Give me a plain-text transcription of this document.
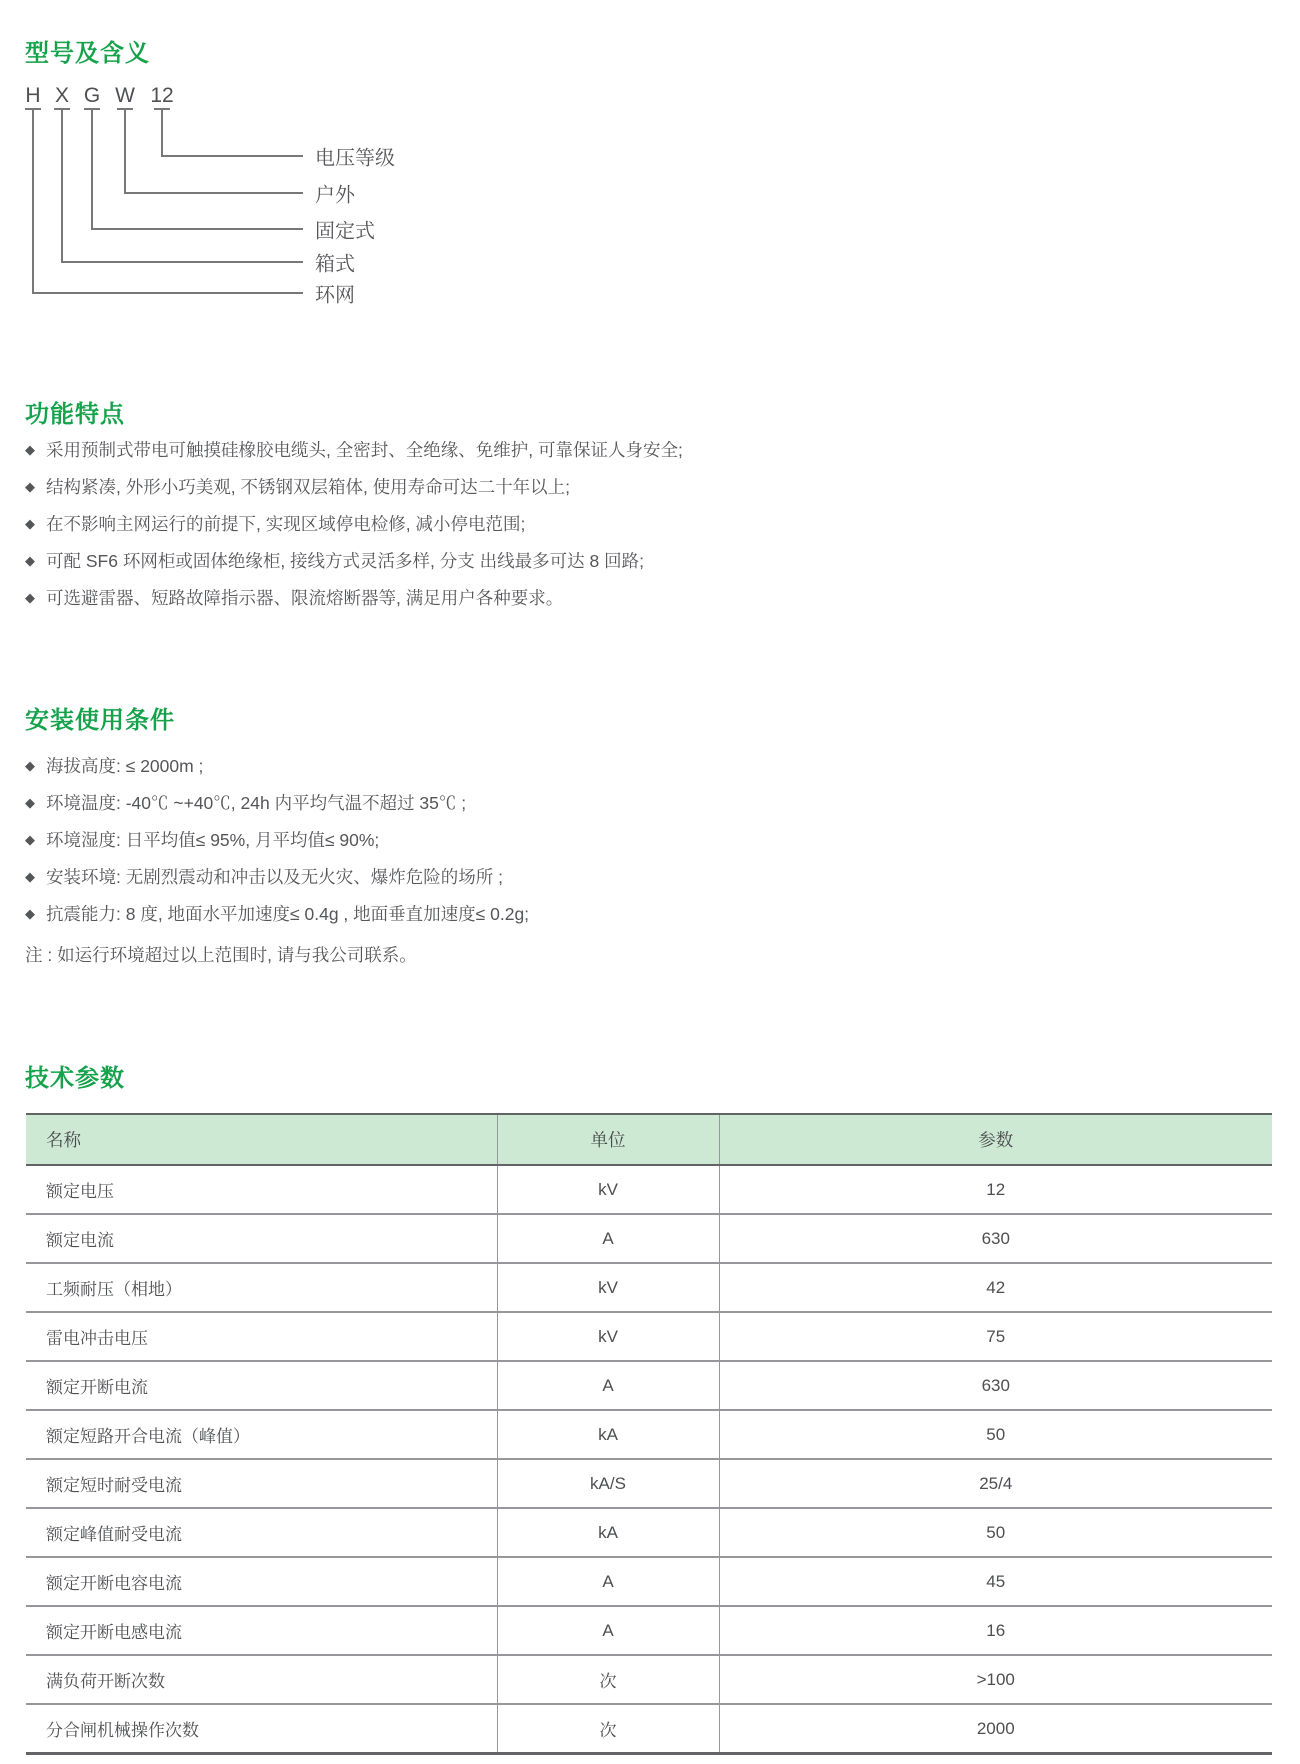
型号及含义
H
环网
X
箱式
G
固定式
W
户外
12
电压等级
功能特点
◆ 采用预制式带电可触摸硅橡胶电缆头, 全密封、全绝缘、免维护, 可靠保证人身安全;
◆ 结构紧凑, 外形小巧美观, 不锈钢双层箱体, 使用寿命可达二十年以上;
◆ 在不影响主网运行的前提下, 实现区域停电检修, 减小停电范围;
◆ 可配 SF6 环网柜或固体绝缘柜, 接线方式灵活多样, 分支 出线最多可达 8 回路;
◆ 可选避雷器、短路故障指示器、限流熔断器等, 满足用户各种要求。
安装使用条件
◆ 海拔高度: ≤ 2000m ;
◆ 环境温度: -40℃ ~+40℃, 24h 内平均气温不超过 35℃ ;
◆ 环境湿度: 日平均值≤ 95%, 月平均值≤ 90%;
◆ 安装环境: 无剧烈震动和冲击以及无火灾、爆炸危险的场所 ;
◆ 抗震能力: 8 度, 地面水平加速度≤ 0.4g , 地面垂直加速度≤ 0.2g;
注 : 如运行环境超过以上范围时, 请与我公司联系。
技术参数
名称	单位	参数
额定电压	kV	12
额定电流	A	630
工频耐压（相地）	kV	42
雷电冲击电压	kV	75
额定开断电流	A	630
额定短路开合电流（峰值）	kA	50
额定短时耐受电流	kA/S	25/4
额定峰值耐受电流	kA	50
额定开断电容电流	A	45
额定开断电感电流	A	16
满负荷开断次数	次	>100
分合闸机械操作次数	次	2000
